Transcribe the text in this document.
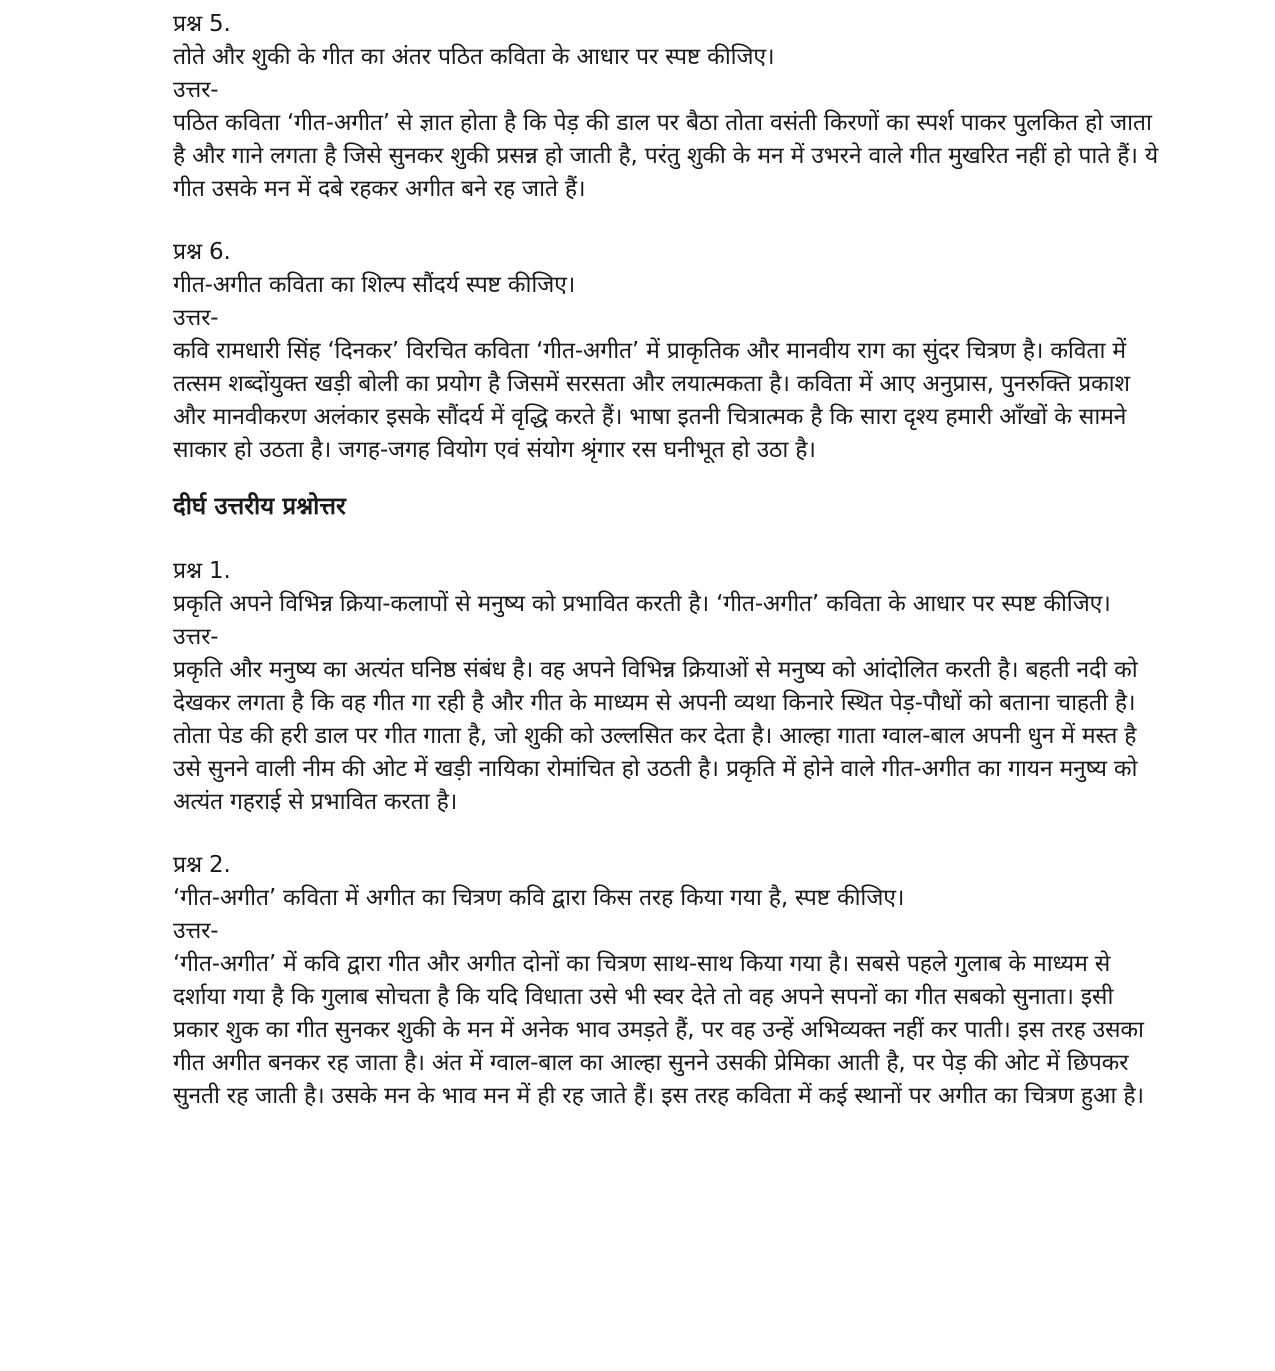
प्रश्न 5.

तोते और शुकी के गीत का अंतर पठित कविता के आधार पर स्पष्ट कीजिए।

उत्तर-

पठित कविता ‘गीत-अगीत’ से ज्ञात होता है कि पेड़ की डाल पर बैठा तोता वसंती किरणों का स्पर्श पाकर पुलकित हो जाता है और गाने लगता है जिसे सुनकर शुकी प्रसन्न हो जाती है, परंतु शुकी के मन में उभरने वाले गीत मुखरित नहीं हो पाते हैं। ये गीत उसके मन में दबे रहकर अगीत बने रह जाते हैं।

प्रश्न 6.

गीत-अगीत कविता का शिल्प सौंदर्य स्पष्ट कीजिए।

उत्तर-

कवि रामधारी सिंह ‘दिनकर’ विरचित कविता ‘गीत-अगीत’ में प्राकृतिक और मानवीय राग का सुंदर चित्रण है। कविता में तत्सम शब्दोंयुक्त खड़ी बोली का प्रयोग है जिसमें सरसता और लयात्मकता है। कविता में आए अनुप्रास, पुनरुक्ति प्रकाश और मानवीकरण अलंकार इसके सौंदर्य में वृद्धि करते हैं। भाषा इतनी चित्रात्मक है कि सारा दृश्य हमारी आँखों के सामने साकार हो उठता है। जगह-जगह वियोग एवं संयोग श्रृंगार रस घनीभूत हो उठा है।

दीर्घ उत्तरीय प्रश्नोत्तर

प्रश्न 1.

प्रकृति अपने विभिन्न क्रिया-कलापों से मनुष्य को प्रभावित करती है। ‘गीत-अगीत’ कविता के आधार पर स्पष्ट कीजिए।

उत्तर-

प्रकृति और मनुष्य का अत्यंत घनिष्ठ संबंध है। वह अपने विभिन्न क्रियाओं से मनुष्य को आंदोलित करती है। बहती नदी को देखकर लगता है कि वह गीत गा रही है और गीत के माध्यम से अपनी व्यथा किनारे स्थित पेड़-पौधों को बताना चाहती है। तोता पेड की हरी डाल पर गीत गाता है, जो शुकी को उल्लसित कर देता है। आल्हा गाता ग्वाल-बाल अपनी धुन में मस्त है उसे सुनने वाली नीम की ओट में खड़ी नायिका रोमांचित हो उठती है। प्रकृति में होने वाले गीत-अगीत का गायन मनुष्य को अत्यंत गहराई से प्रभावित करता है।

प्रश्न 2.

‘गीत-अगीत’ कविता में अगीत का चित्रण कवि द्वारा किस तरह किया गया है, स्पष्ट कीजिए।

उत्तर-

‘गीत-अगीत’ में कवि द्वारा गीत और अगीत दोनों का चित्रण साथ-साथ किया गया है। सबसे पहले गुलाब के माध्यम से दर्शाया गया है कि गुलाब सोचता है कि यदि विधाता उसे भी स्वर देते तो वह अपने सपनों का गीत सबको सुनाता। इसी प्रकार शुक का गीत सुनकर शुकी के मन में अनेक भाव उमड़ते हैं, पर वह उन्हें अभिव्यक्त नहीं कर पाती। इस तरह उसका गीत अगीत बनकर रह जाता है। अंत में ग्वाल-बाल का आल्हा सुनने उसकी प्रेमिका आती है, पर पेड़ की ओट में छिपकर सुनती रह जाती है। उसके मन के भाव मन में ही रह जाते हैं। इस तरह कविता में कई स्थानों पर अगीत का चित्रण हुआ है।
